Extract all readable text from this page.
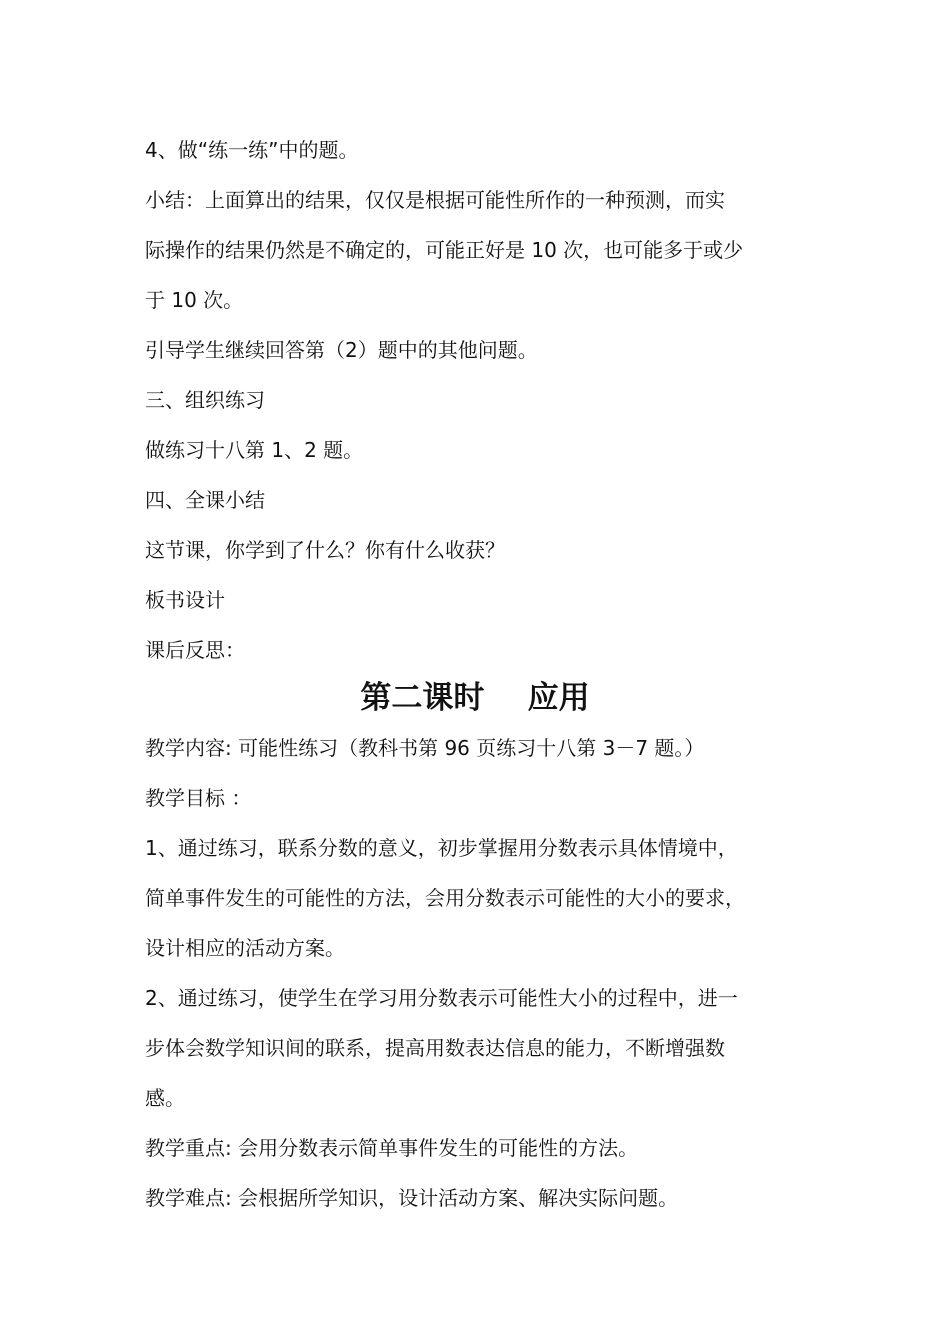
4、做“练一练”中的题。

小结：上面算出的结果，仅仅是根据可能性所作的一种预测，而实

际操作的结果仍然是不确定的，可能正好是 10 次，也可能多于或少

于 10 次。

引导学生继续回答第（2）题中的其他问题。

三、组织练习

做练习十八第 1、2 题。

四、全课小结

这节课，你学到了什么？你有什么收获？

板书设计

课后反思：

第二课时    应用

教学内容: 可能性练习（教科书第 96 页练习十八第 3－7 题。）

教学目标 ：

1、通过练习，联系分数的意义，初步掌握用分数表示具体情境中，

简单事件发生的可能性的方法，会用分数表示可能性的大小的要求，

设计相应的活动方案。

2、通过练习，使学生在学习用分数表示可能性大小的过程中，进一

步体会数学知识间的联系，提高用数表达信息的能力，不断增强数

感。

教学重点: 会用分数表示简单事件发生的可能性的方法。

教学难点: 会根据所学知识，设计活动方案、解决实际问题。
